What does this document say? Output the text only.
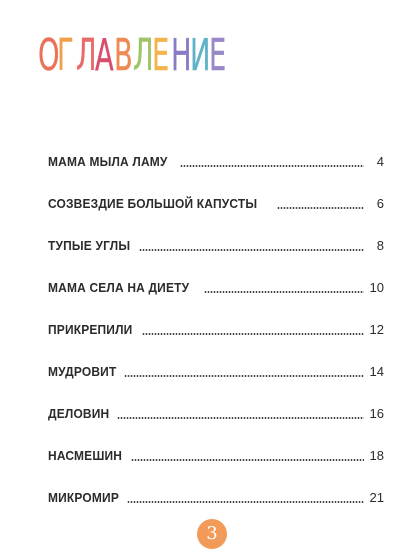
О
Г Л
А В Л
Е Н
И
Е
МАМА МЫЛА ЛАМУ	4
СОЗВЕЗДИЕ БОЛЬШОЙ КАПУСТЫ	6
ТУПЫЕ УГЛЫ	8
МАМА СЕЛА НА ДИЕТУ	10
ПРИКРЕПИЛИ	12
МУДРОВИТ	14
ДЕЛОВИН	16
НАСМЕШИН	18
МИКРОМИР	21
3
